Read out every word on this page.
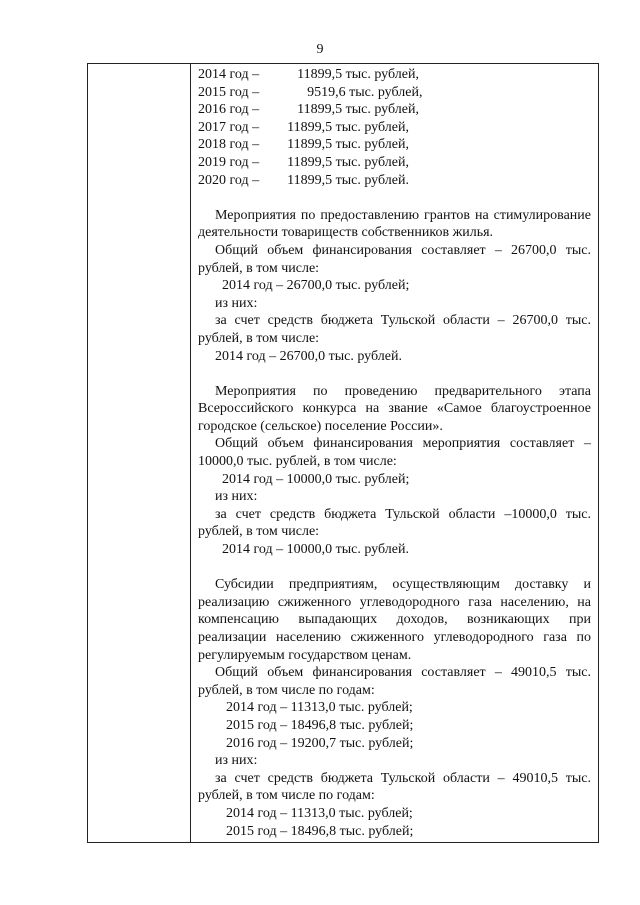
9
2014 год –	11899,5 тыс. рублей,
2015 год –	9519,6 тыс. рублей,
2016 год –	11899,5 тыс. рублей,
2017 год – 11899,5 тыс. рублей,
2018 год – 11899,5 тыс. рублей,
2019 год – 11899,5 тыс. рублей,
2020 год – 11899,5 тыс. рублей.
Мероприятия по предоставлению грантов на стимулирование деятельности товариществ собственников жилья.
Общий объем финансирования составляет – 26700,0 тыс. рублей, в том числе:
2014 год – 26700,0 тыс. рублей;
из них:
за счет средств бюджета Тульской области – 26700,0 тыс. рублей, в том числе:
2014 год – 26700,0 тыс. рублей.
Мероприятия по проведению предварительного этапа Всероссийского конкурса на звание «Самое благоустроенное городское (сельское) поселение России».
Общий объем финансирования мероприятия составляет – 10000,0 тыс. рублей, в том числе:
2014 год – 10000,0 тыс. рублей;
из них:
за счет средств бюджета Тульской области –10000,0 тыс. рублей, в том числе:
2014 год – 10000,0 тыс. рублей.
Субсидии предприятиям, осуществляющим доставку и реализацию сжиженного углеводородного газа населению, на компенсацию выпадающих доходов, возникающих при реализации населению сжиженного углеводородного газа по регулируемым государством ценам.
Общий объем финансирования составляет – 49010,5 тыс. рублей, в том числе по годам:
2014 год – 11313,0 тыс. рублей;
2015 год – 18496,8 тыс. рублей;
2016 год – 19200,7 тыс. рублей;
из них:
за счет средств бюджета Тульской области – 49010,5 тыс. рублей, в том числе по годам:
2014 год – 11313,0 тыс. рублей;
2015 год – 18496,8 тыс. рублей;
